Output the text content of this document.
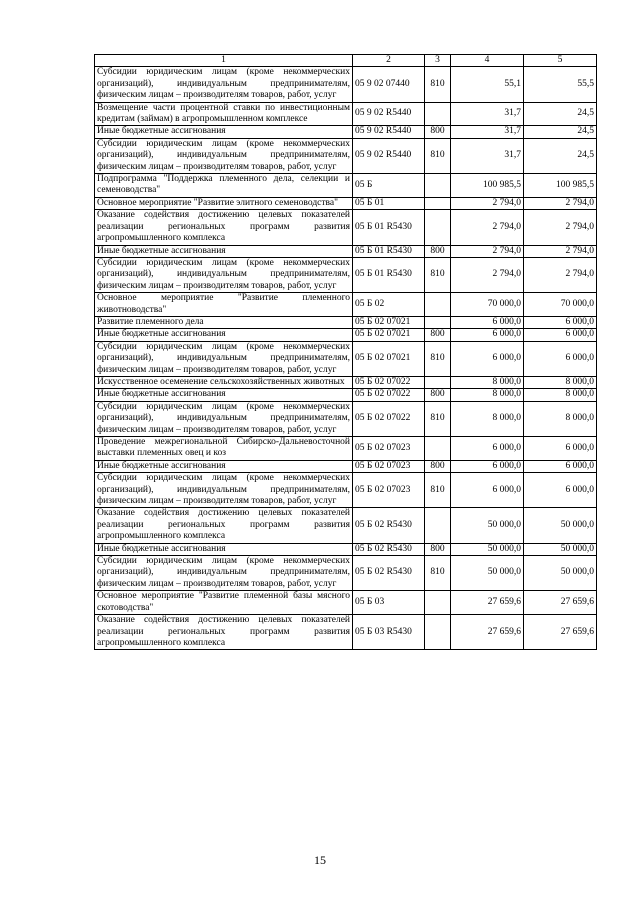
1	2	3	4	5
Субсидии юридическим лицам (кроме некоммерческих организаций), индивидуальным предпринимателям, физическим лицам – производителям товаров, работ, услуг	05 9 02 07440	810	55,1	55,5
Возмещение части процентной ставки по инвестиционным кредитам (займам) в агропромышленном комплексе	05 9 02 R5440		31,7	24,5
Иные бюджетные ассигнования	05 9 02 R5440	800	31,7	24,5
Субсидии юридическим лицам (кроме некоммерческих организаций), индивидуальным предпринимателям, физическим лицам – производителям товаров, работ, услуг	05 9 02 R5440	810	31,7	24,5
Подпрограмма "Поддержка племенного дела, селекции и семеноводства"	05 Б		100 985,5	100 985,5
Основное мероприятие "Развитие элитного семеноводства"	05 Б 01		2 794,0	2 794,0
Оказание содействия достижению целевых показателей реализации региональных программ развития агропромышленного комплекса	05 Б 01 R5430		2 794,0	2 794,0
Иные бюджетные ассигнования	05 Б 01 R5430	800	2 794,0	2 794,0
Субсидии юридическим лицам (кроме некоммерческих организаций), индивидуальным предпринимателям, физическим лицам – производителям товаров, работ, услуг	05 Б 01 R5430	810	2 794,0	2 794,0
Основное мероприятие "Развитие племенного животноводства"	05 Б 02		70 000,0	70 000,0
Развитие племенного дела	05 Б 02 07021		6 000,0	6 000,0
Иные бюджетные ассигнования	05 Б 02 07021	800	6 000,0	6 000,0
Субсидии юридическим лицам (кроме некоммерческих организаций), индивидуальным предпринимателям, физическим лицам – производителям товаров, работ, услуг	05 Б 02 07021	810	6 000,0	6 000,0
Искусственное осеменение сельскохозяйственных животных	05 Б 02 07022		8 000,0	8 000,0
Иные бюджетные ассигнования	05 Б 02 07022	800	8 000,0	8 000,0
Субсидии юридическим лицам (кроме некоммерческих организаций), индивидуальным предпринимателям, физическим лицам – производителям товаров, работ, услуг	05 Б 02 07022	810	8 000,0	8 000,0
Проведение межрегиональной Сибирско-Дальневосточной выставки племенных овец и коз	05 Б 02 07023		6 000,0	6 000,0
Иные бюджетные ассигнования	05 Б 02 07023	800	6 000,0	6 000,0
Субсидии юридическим лицам (кроме некоммерческих организаций), индивидуальным предпринимателям, физическим лицам – производителям товаров, работ, услуг	05 Б 02 07023	810	6 000,0	6 000,0
Оказание содействия достижению целевых показателей реализации региональных программ развития агропромышленного комплекса	05 Б 02 R5430		50 000,0	50 000,0
Иные бюджетные ассигнования	05 Б 02 R5430	800	50 000,0	50 000,0
Субсидии юридическим лицам (кроме некоммерческих организаций), индивидуальным предпринимателям, физическим лицам – производителям товаров, работ, услуг	05 Б 02 R5430	810	50 000,0	50 000,0
Основное мероприятие "Развитие племенной базы мясного скотоводства"	05 Б 03		27 659,6	27 659,6
Оказание содействия достижению целевых показателей реализации региональных программ развития агропромышленного комплекса	05 Б 03 R5430		27 659,6	27 659,6
15
